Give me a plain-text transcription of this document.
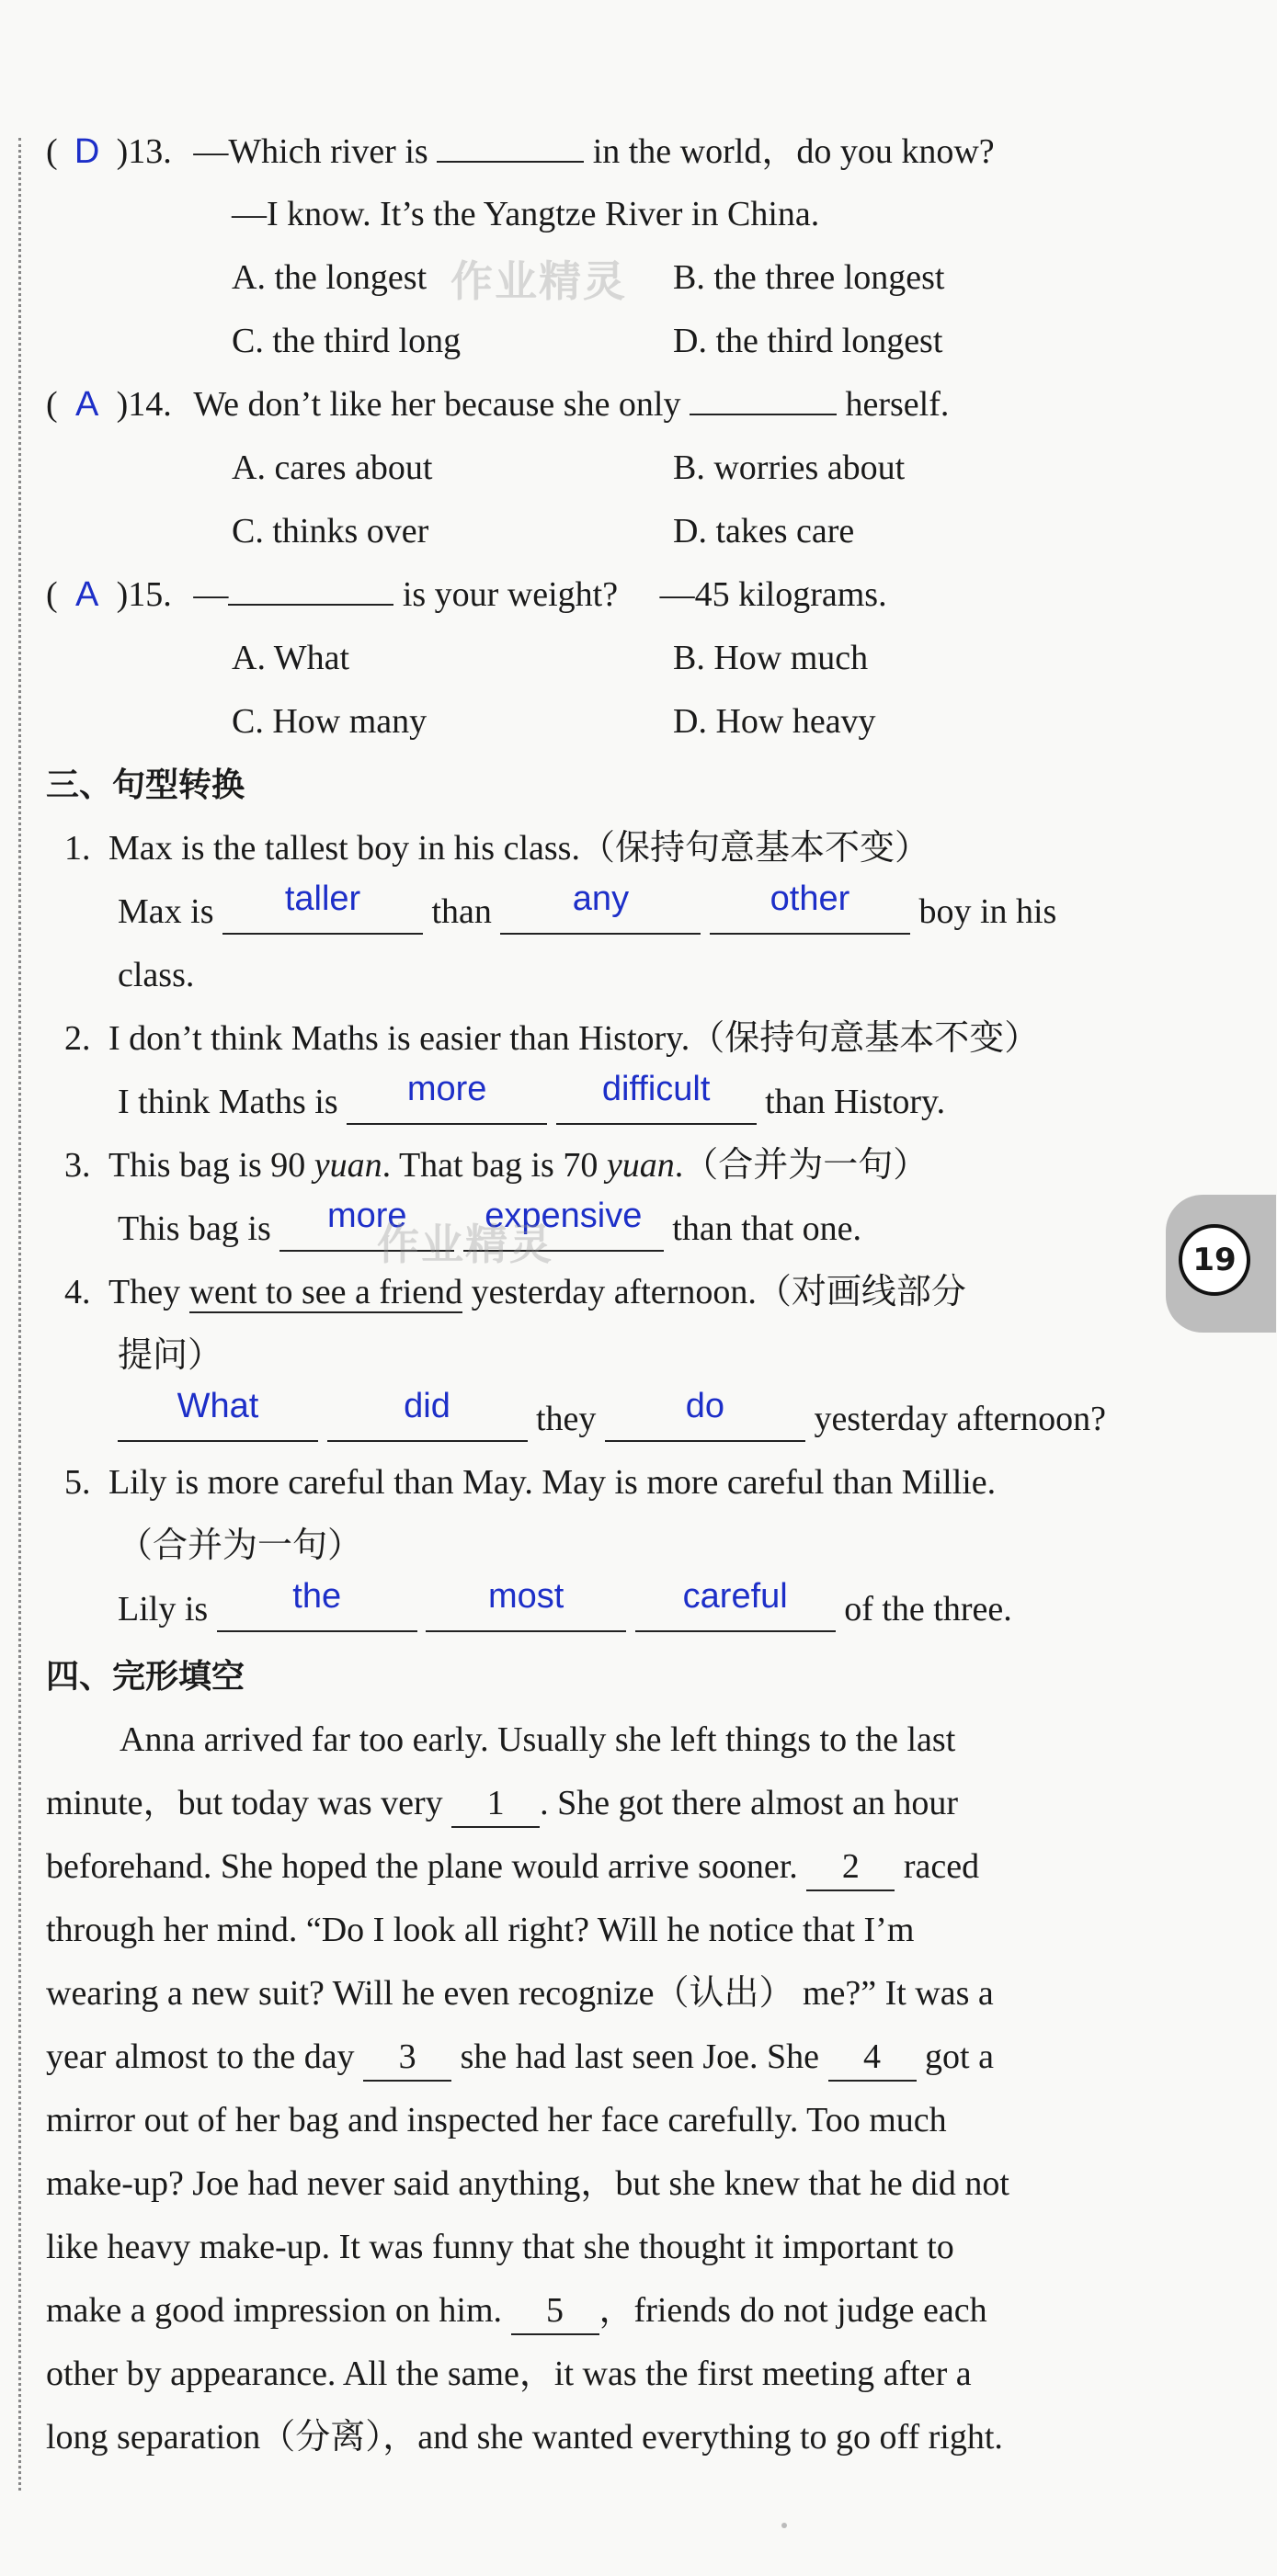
( D )13. —Which river is	in the world，do you know?
—I know. It’s the Yangtze River in China.
A. the longest	B. the three longest
C. the third long	D. the third longest
( A )14. We don’t like her because she only	herself.
A. cares about	B. worries about
C. thinks over	D. takes care
( A )15. —	is your weight? —45 kilograms.
A. What	B. How much
C. How many	D. How heavy
三、句型转换
1. Max is the tallest boy in his class.（保持句意基本不变）
Max is taller than any	other boy in his
class.
2. I don’t think Maths is easier than History.（保持句意基本不变）
I think Maths is more	difficult than History.
3. This bag is 90 yuan. That bag is 70 yuan.（合并为一句）
This bag is more expensive than that one.
4. They went to see a friend yesterday afternoon.（对画线部分
提问）
What	did they	do	yesterday afternoon?
5. Lily is more careful than May. May is more careful than Millie.
（合并为一句）
Lily is the	most	careful of the three.
四、完形填空
Anna arrived far too early. Usually she left things to the last
minute，but today was very 1 . She got there almost an hour
beforehand. She hoped the plane would arrive sooner. 2 raced
through her mind. “Do I look all right? Will he notice that I’m
wearing a new suit? Will he even recognize（认出） me?” It was a
year almost to the day 3 she had last seen Joe. She 4 got a
mirror out of her bag and inspected her face carefully. Too much
make-up? Joe had never said anything，but she knew that he did not
like heavy make-up. It was funny that she thought it important to
make a good impression on him. 5 ，friends do not judge each
other by appearance. All the same，it was the first meeting after a
long separation（分离），and she wanted everything to go off right.
19
作业精灵
作业精灵
